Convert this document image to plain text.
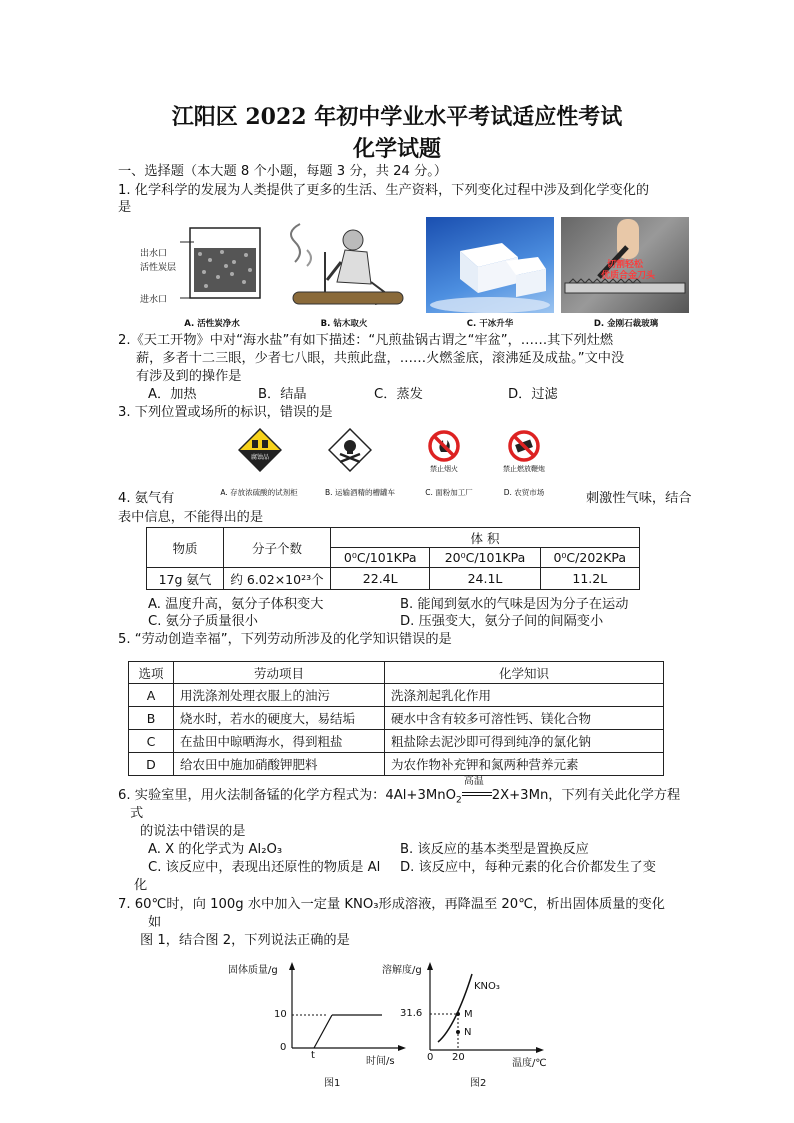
江阳区 2022 年初中学业水平考试适应性考试
化学试题
一、选择题（本大题 8 个小题，每题 3 分，共 24 分。）
1. 化学科学的发展为人类提供了更多的生活、生产资料，下列变化过程中涉及到化学变化的
是
出水口
活性炭层
进水口
切割轻松
优质合金刀头
A. 活性炭净水	B. 钻木取火	C. 干冰升华	D. 金刚石裁玻璃
2.《天工开物》中对“海水盐”有如下描述：“凡煎盐锅古谓之“牢盆”，……其下列灶燃
薪，多者十二三眼，少者七八眼，共煎此盘，……火燃釜底，滚沸延及成盐。”文中没
有涉及到的操作是
A．加热	B．结晶	C．蒸发	D．过滤
3. 下列位置或场所的标识，错误的是
腐蚀品
禁止烟火	禁止燃放鞭炮
A. 存放浓硫酸的试剂柜	B. 运输酒精的槽罐车	C. 面粉加工厂	D. 农贸市场
4. 氨气有	刺激性气味，结合
表中信息，不能得出的是
物质	分子个数	体 积		
		0⁰C/101KPa	20⁰C/101KPa	0⁰C/202KPa
17g 氨气	约 6.02×10²³个	22.4L	24.1L	11.2L
A. 温度升高，氨分子体积变大	B. 能闻到氨水的气味是因为分子在运动
C. 氨分子质量很小	D. 压强变大，氨分子间的间隔变小
5. “劳动创造幸福”，下列劳动所涉及的化学知识错误的是
选项	劳动项目	化学知识
A	用洗涤剂处理衣服上的油污	洗涤剂起乳化作用
B	烧水时，若水的硬度大，易结垢	硬水中含有较多可溶性钙、镁化合物
C	在盐田中晾晒海水，得到粗盐	粗盐除去泥沙即可得到纯净的氯化钠
D	给农田中施加硝酸钾肥料	为农作物补充钾和氮两种营养元素
6. 实验室里，用火法制备锰的化学方程式为：4Al+3MnO$_2$
高温
2X+3Mn，下列有关此化学方程
式
的说法中错误的是
A. X 的化学式为 Al₂O₃	B. 该反应的基本类型是置换反应
C. 该反应中，表现出还原性的物质是 Al D. 该反应中，每种元素的化合价都发生了变
化
7. 60℃时，向 100g 水中加入一定量 KNO₃形成溶液，再降温至 20℃，析出固体质量的变化
如
图 1，结合图 2，下列说法正确的是
固体质量/g
10
0
t
时间/s
图1
溶解度/g
KNO₃
31.6	M
N
0 20
温度/℃
图2
